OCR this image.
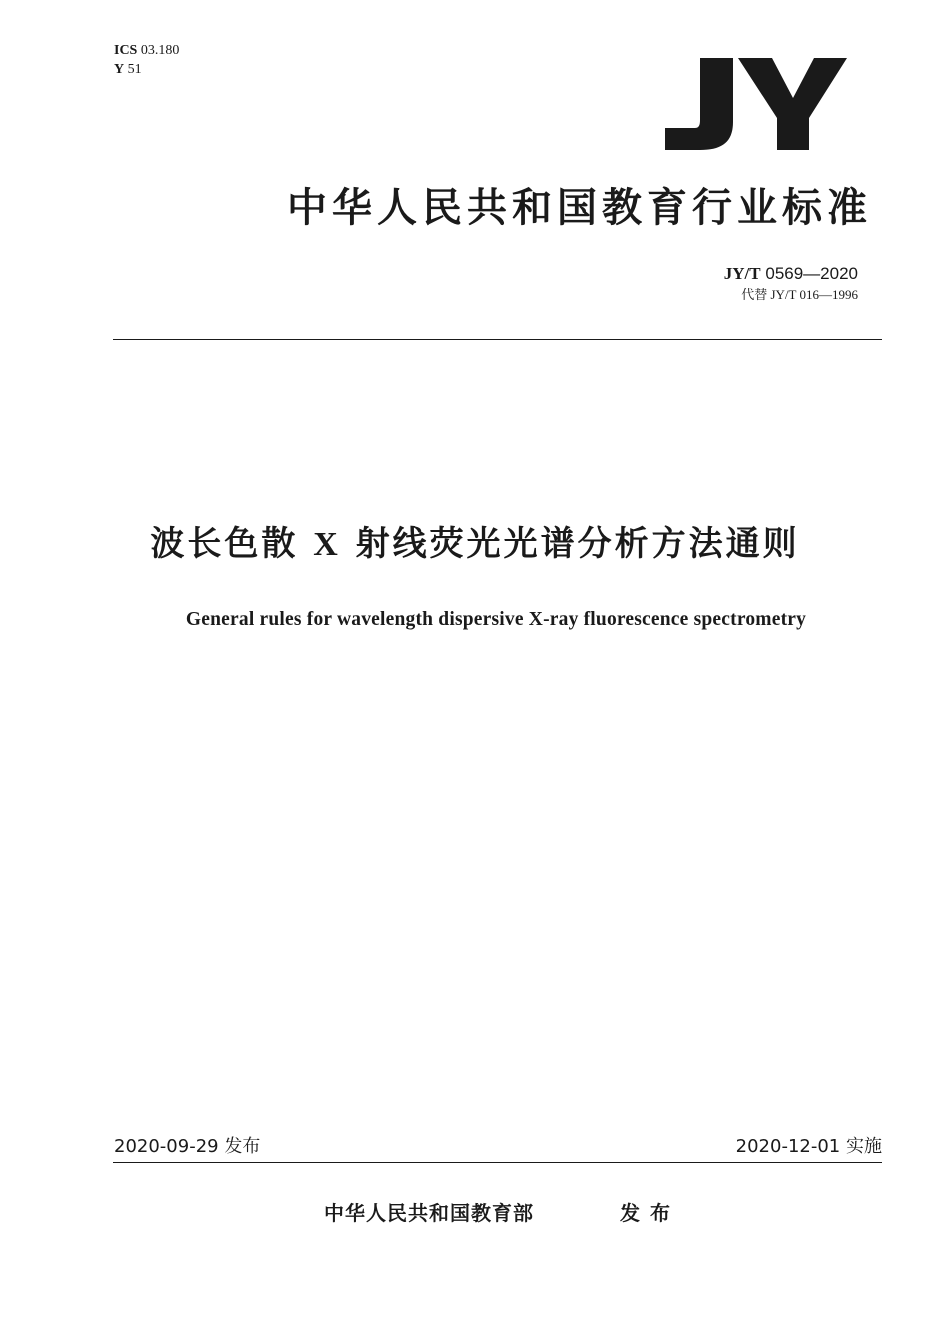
ICS 03.180
Y 51
中华人民共和国教育行业标准
JY/T 0569—2020
代替 JY/T 016—1996
波长色散 X 射线荧光光谱分析方法通则
General rules for wavelength dispersive X-ray fluorescence spectrometry
2020-09-29 发布	2020-12-01 实施
中华人民共和国教育部	发布
